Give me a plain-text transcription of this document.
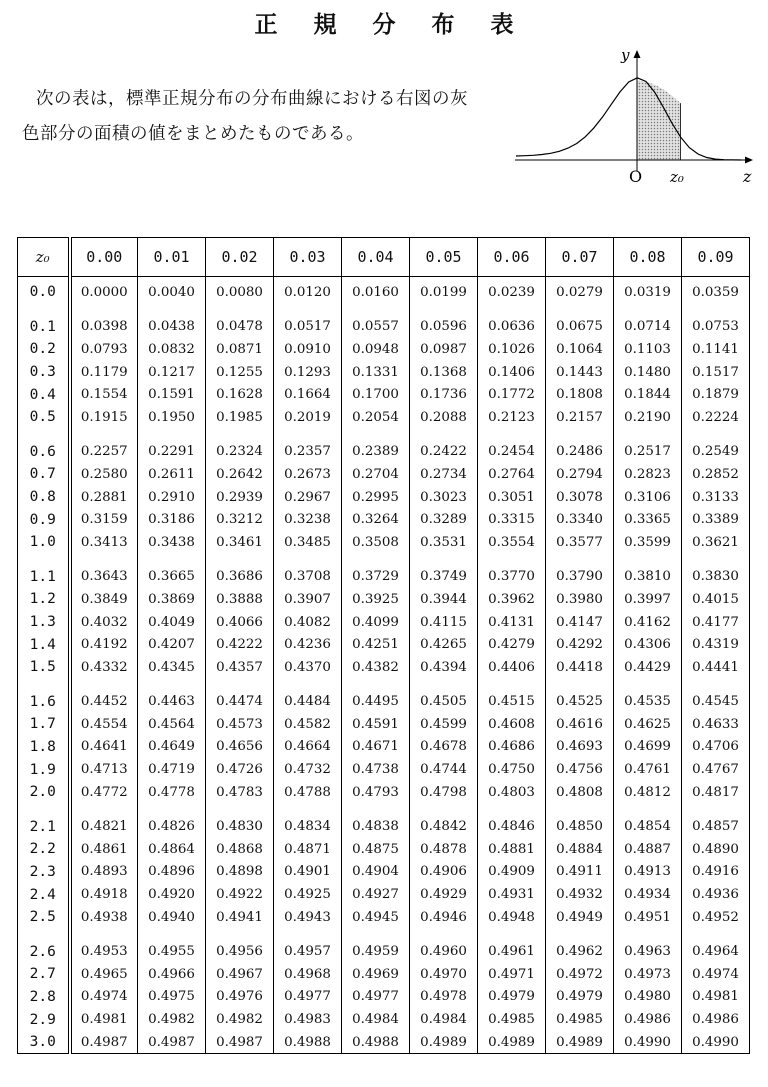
正 規 分 布 表
次の表は，標準正規分布の分布曲線における右図の灰
色部分の面積の値をまとめたものである。
y
O z₀	z
z₀	0.00	0.01	0.02	0.03	0.04	0.05	0.06	0.07	0.08	0.09
0.0	0.0000	0.0040	0.0080	0.0120	0.0160	0.0199	0.0239	0.0279	0.0319	0.0359
0.1	0.0398	0.0438	0.0478	0.0517	0.0557	0.0596	0.0636	0.0675	0.0714	0.0753
0.2	0.0793	0.0832	0.0871	0.0910	0.0948	0.0987	0.1026	0.1064	0.1103	0.1141
0.3	0.1179	0.1217	0.1255	0.1293	0.1331	0.1368	0.1406	0.1443	0.1480	0.1517
0.4	0.1554	0.1591	0.1628	0.1664	0.1700	0.1736	0.1772	0.1808	0.1844	0.1879
0.5	0.1915	0.1950	0.1985	0.2019	0.2054	0.2088	0.2123	0.2157	0.2190	0.2224
0.6	0.2257	0.2291	0.2324	0.2357	0.2389	0.2422	0.2454	0.2486	0.2517	0.2549
0.7	0.2580	0.2611	0.2642	0.2673	0.2704	0.2734	0.2764	0.2794	0.2823	0.2852
0.8	0.2881	0.2910	0.2939	0.2967	0.2995	0.3023	0.3051	0.3078	0.3106	0.3133
0.9	0.3159	0.3186	0.3212	0.3238	0.3264	0.3289	0.3315	0.3340	0.3365	0.3389
1.0	0.3413	0.3438	0.3461	0.3485	0.3508	0.3531	0.3554	0.3577	0.3599	0.3621
1.1	0.3643	0.3665	0.3686	0.3708	0.3729	0.3749	0.3770	0.3790	0.3810	0.3830
1.2	0.3849	0.3869	0.3888	0.3907	0.3925	0.3944	0.3962	0.3980	0.3997	0.4015
1.3	0.4032	0.4049	0.4066	0.4082	0.4099	0.4115	0.4131	0.4147	0.4162	0.4177
1.4	0.4192	0.4207	0.4222	0.4236	0.4251	0.4265	0.4279	0.4292	0.4306	0.4319
1.5	0.4332	0.4345	0.4357	0.4370	0.4382	0.4394	0.4406	0.4418	0.4429	0.4441
1.6	0.4452	0.4463	0.4474	0.4484	0.4495	0.4505	0.4515	0.4525	0.4535	0.4545
1.7	0.4554	0.4564	0.4573	0.4582	0.4591	0.4599	0.4608	0.4616	0.4625	0.4633
1.8	0.4641	0.4649	0.4656	0.4664	0.4671	0.4678	0.4686	0.4693	0.4699	0.4706
1.9	0.4713	0.4719	0.4726	0.4732	0.4738	0.4744	0.4750	0.4756	0.4761	0.4767
2.0	0.4772	0.4778	0.4783	0.4788	0.4793	0.4798	0.4803	0.4808	0.4812	0.4817
2.1	0.4821	0.4826	0.4830	0.4834	0.4838	0.4842	0.4846	0.4850	0.4854	0.4857
2.2	0.4861	0.4864	0.4868	0.4871	0.4875	0.4878	0.4881	0.4884	0.4887	0.4890
2.3	0.4893	0.4896	0.4898	0.4901	0.4904	0.4906	0.4909	0.4911	0.4913	0.4916
2.4	0.4918	0.4920	0.4922	0.4925	0.4927	0.4929	0.4931	0.4932	0.4934	0.4936
2.5	0.4938	0.4940	0.4941	0.4943	0.4945	0.4946	0.4948	0.4949	0.4951	0.4952
2.6	0.4953	0.4955	0.4956	0.4957	0.4959	0.4960	0.4961	0.4962	0.4963	0.4964
2.7	0.4965	0.4966	0.4967	0.4968	0.4969	0.4970	0.4971	0.4972	0.4973	0.4974
2.8	0.4974	0.4975	0.4976	0.4977	0.4977	0.4978	0.4979	0.4979	0.4980	0.4981
2.9	0.4981	0.4982	0.4982	0.4983	0.4984	0.4984	0.4985	0.4985	0.4986	0.4986
3.0	0.4987	0.4987	0.4987	0.4988	0.4988	0.4989	0.4989	0.4989	0.4990	0.4990
